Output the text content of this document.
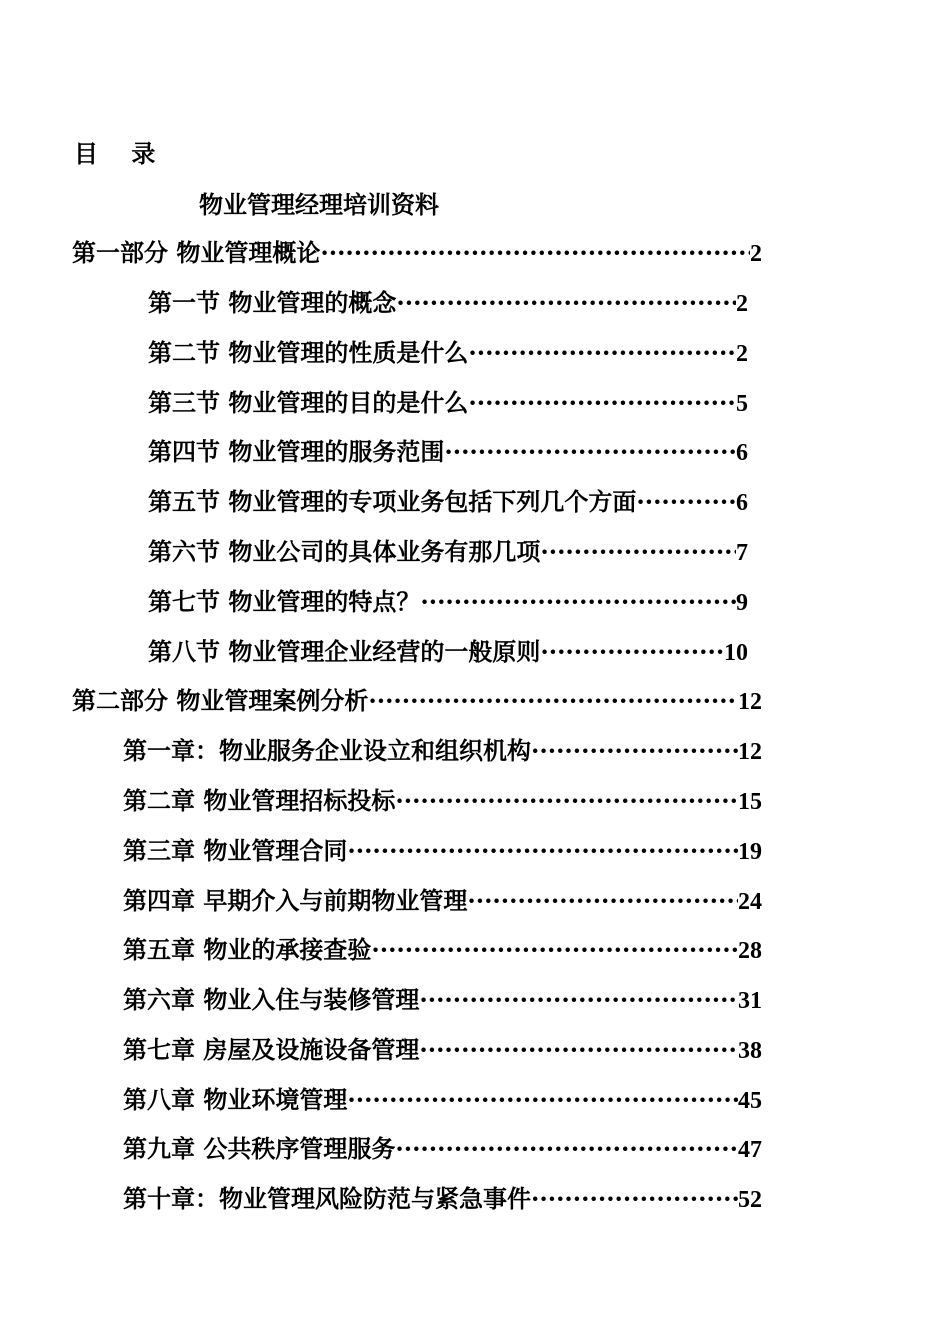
目    录
物业管理经理培训资料
第一部分 物业管理概论 ·····	2
第一节 物业管理的概念 ·····	2
第二节 物业管理的性质是什么 ·····	2
第三节 物业管理的目的是什么 ·····	5
第四节 物业管理的服务范围 ·····	6
第五节 物业管理的专项业务包括下列几个方面 ·····	6
第六节 物业公司的具体业务有那几项 ·····	7
第七节 物业管理的特点？ ·····	9
第八节 物业管理企业经营的一般原则 ·····	10
第二部分 物业管理案例分析 ·····	12
第一章：物业服务企业设立和组织机构 ·····	12
第二章 物业管理招标投标 ·····	15
第三章 物业管理合同 ·····	19
第四章 早期介入与前期物业管理 ·····	24
第五章 物业的承接查验 ·····	28
第六章 物业入住与装修管理 ·····	31
第七章 房屋及设施设备管理 ·····	38
第八章 物业环境管理 ·····	45
第九章 公共秩序管理服务 ·····	47
第十章：物业管理风险防范与紧急事件 ·····	52
